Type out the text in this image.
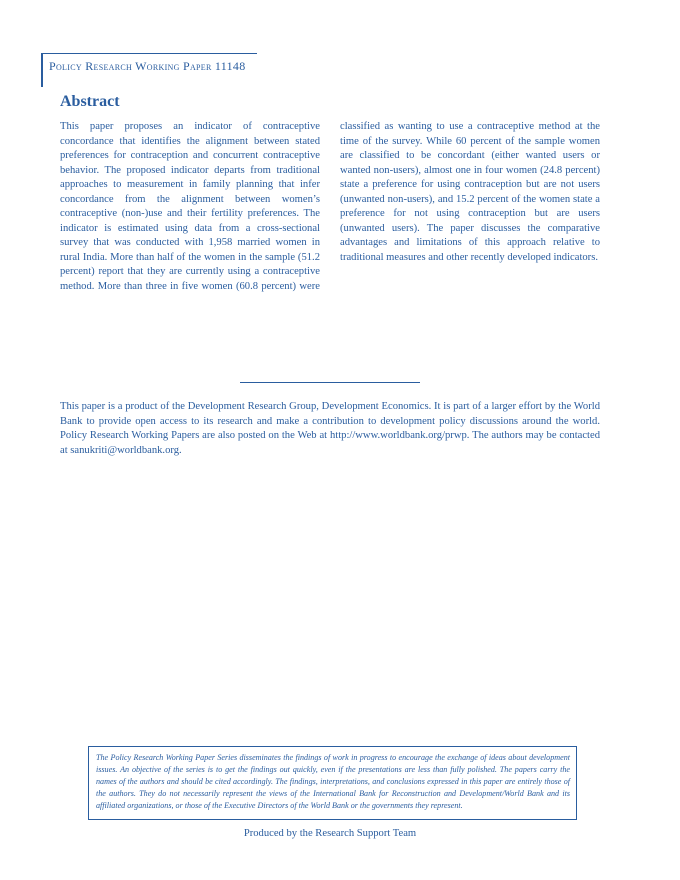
Policy Research Working Paper 11148
Abstract

This paper proposes an indicator of contraceptive concordance that identifies the alignment between stated preferences for contraception and concurrent contraceptive behavior. The proposed indicator departs from traditional approaches to measurement in family planning that infer concordance from the alignment between women’s contraceptive (non-)use and their fertility preferences. The indicator is estimated using data from a cross-sectional survey that was conducted with 1,958 married women in rural India. More than half of the women in the sample (51.2 percent) report that they are currently using a contraceptive method. More than three in five women (60.8 percent) were classified as wanting to use a contraceptive method at the time of the survey. While 60 percent of the sample women are classified to be concordant (either wanted users or wanted non-users), almost one in four women (24.8 percent) state a preference for using contraception but are not users (unwanted non-users), and 15.2 percent of the women state a preference for not using contraception but are users (unwanted users). The paper discusses the comparative advantages and limitations of this approach relative to traditional measures and other recently developed indicators.

This paper is a product of the Development Research Group, Development Economics. It is part of a larger effort by the World Bank to provide open access to its research and make a contribution to development policy discussions around the world. Policy Research Working Papers are also posted on the Web at http://www.worldbank.org/prwp. The authors may be contacted at sanukriti@worldbank.org.

The Policy Research Working Paper Series disseminates the findings of work in progress to encourage the exchange of ideas about development issues. An objective of the series is to get the findings out quickly, even if the presentations are less than fully polished. The papers carry the names of the authors and should be cited accordingly. The findings, interpretations, and conclusions expressed in this paper are entirely those of the authors. They do not necessarily represent the views of the International Bank for Reconstruction and Development/World Bank and its affiliated organizations, or those of the Executive Directors of the World Bank or the governments they represent.

Produced by the Research Support Team
